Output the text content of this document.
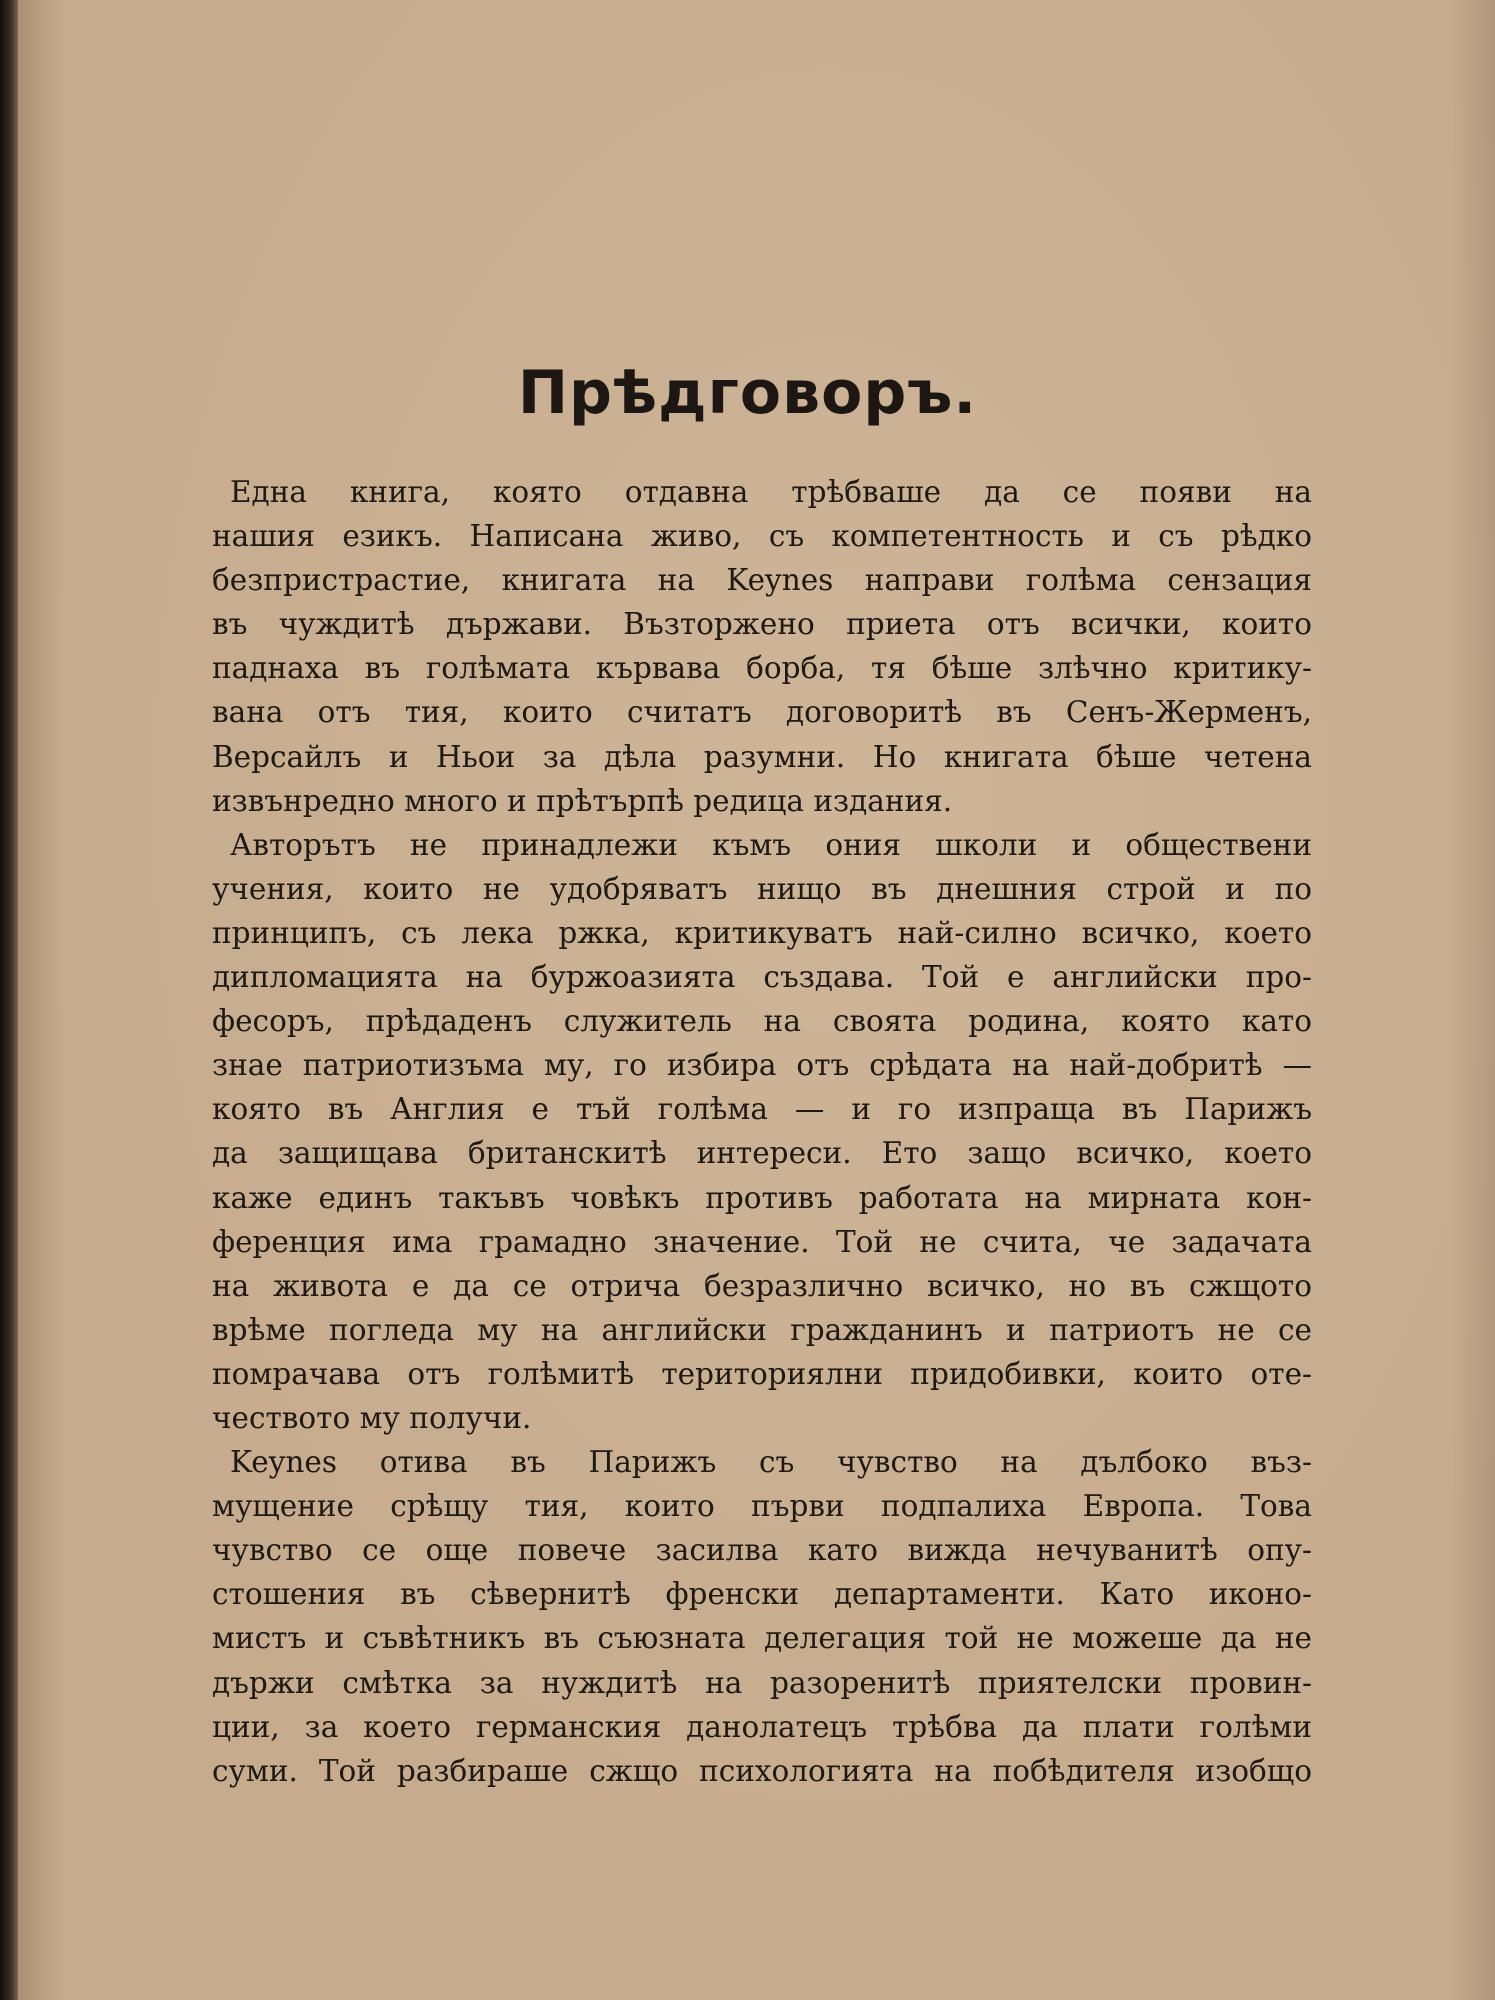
Прѣдговоръ.
Една книга, която отдавна трѣбваше да се появи на
нашия езикъ. Написана живо, съ компетентность и съ рѣдко
безпристрастие, книгата на Keynes направи голѣма сензация
въ чуждитѣ държави. Възторжено приета отъ всички, които
паднаха въ голѣмата кървава борба, тя бѣше злѣчно критику-
вана отъ тия, които считатъ договоритѣ въ Сенъ-Жерменъ,
Версайлъ и Ньои за дѣла разумни. Но книгата бѣше четена
извънредно много и прѣтърпѣ редица издания.
Авторътъ не принадлежи къмъ ония школи и обществени
учения, които не удобряватъ нищо въ днешния строй и по
принципъ, съ лека ржка, критикуватъ най-силно всичко, което
дипломацията на буржоазията създава. Той е английски про-
фесоръ, прѣдаденъ служитель на своята родина, която като
знае патриотизъма му, го избира отъ срѣдата на най-добритѣ —
която въ Англия е тъй голѣма — и го изпраща въ Парижъ
да защищава британскитѣ интереси. Ето защо всичко, което
каже единъ такъвъ човѣкъ противъ работата на мирната кон-
ференция има грамадно значение. Той не счита, че задачата
на живота е да се отрича безразлично всичко, но въ сжщото
врѣме погледа му на английски гражданинъ и патриотъ не се
помрачава отъ голѣмитѣ териториялни придобивки, които оте-
чеството му получи.
Keynes отива въ Парижъ съ чувство на дълбоко въз-
мущение срѣщу тия, които първи подпалиха Европа. Това
чувство се още повече засилва като вижда нечуванитѣ опу-
стошения въ сѣвернитѣ френски департаменти. Като иконо-
мистъ и съвѣтникъ въ съюзната делегация той не можеше да не
държи смѣтка за нуждитѣ на разоренитѣ приятелски провин-
ции, за което германския данолатецъ трѣбва да плати голѣми
суми. Той разбираше сжщо психологията на побѣдителя изобщо
